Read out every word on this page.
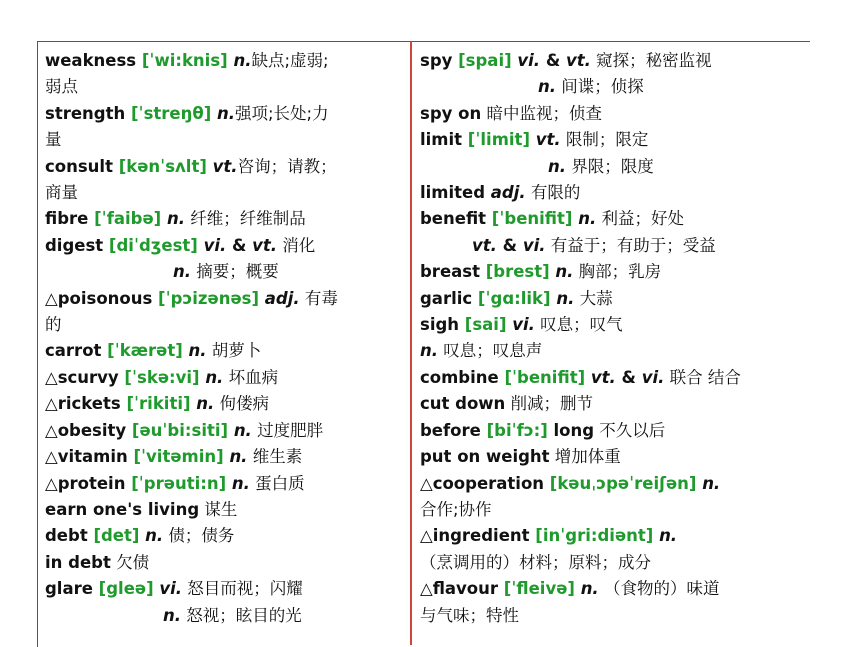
weakness [ˈwi:knis] n.缺点;虚弱;
弱点
strength [ˈstreŋθ] n.强项;长处;力
量
consult [kənˈsʌlt] vt.咨询；请教；
商量
fibre [ˈfaibə] n. 纤维；纤维制品
digest [diˈdʒest] vi. & vt. 消化
n. 摘要；概要
△poisonous [ˈpɔizənəs] adj. 有毒
的
carrot [ˈkærət] n. 胡萝卜
△scurvy [ˈskə:vi] n. 坏血病
△rickets [ˈrikiti] n. 佝偻病
△obesity [əuˈbi:siti] n. 过度肥胖
△vitamin [ˈvitəmin] n. 维生素
△protein [ˈprəuti:n] n. 蛋白质
earn one's living 谋生
debt [det] n. 债；债务
in debt 欠债
glare [gleə] vi. 怒目而视；闪耀
n. 怒视；眩目的光
spy [spai] vi. & vt. 窥探；秘密监视
n. 间谍；侦探
spy on 暗中监视；侦查
limit [ˈlimit] vt. 限制；限定
n. 界限；限度
limited adj. 有限的
benefit [ˈbenifit] n. 利益；好处
vt. & vi. 有益于；有助于；受益
breast [brest] n. 胸部；乳房
garlic [ˈgɑ:lik] n. 大蒜
sigh [sai] vi. 叹息；叹气
n. 叹息；叹息声
combine [ˈbenifit] vt. & vi. 联合 结合
cut down 削减；删节
before [biˈfɔ:] long 不久以后
put on weight 增加体重
△cooperation [kəuˌɔpəˈreiʃən] n.
合作;协作
△ingredient [inˈgri:diənt] n.
（烹调用的）材料；原料；成分
△flavour [ˈfleivə] n. （食物的）味道
与气味；特性
